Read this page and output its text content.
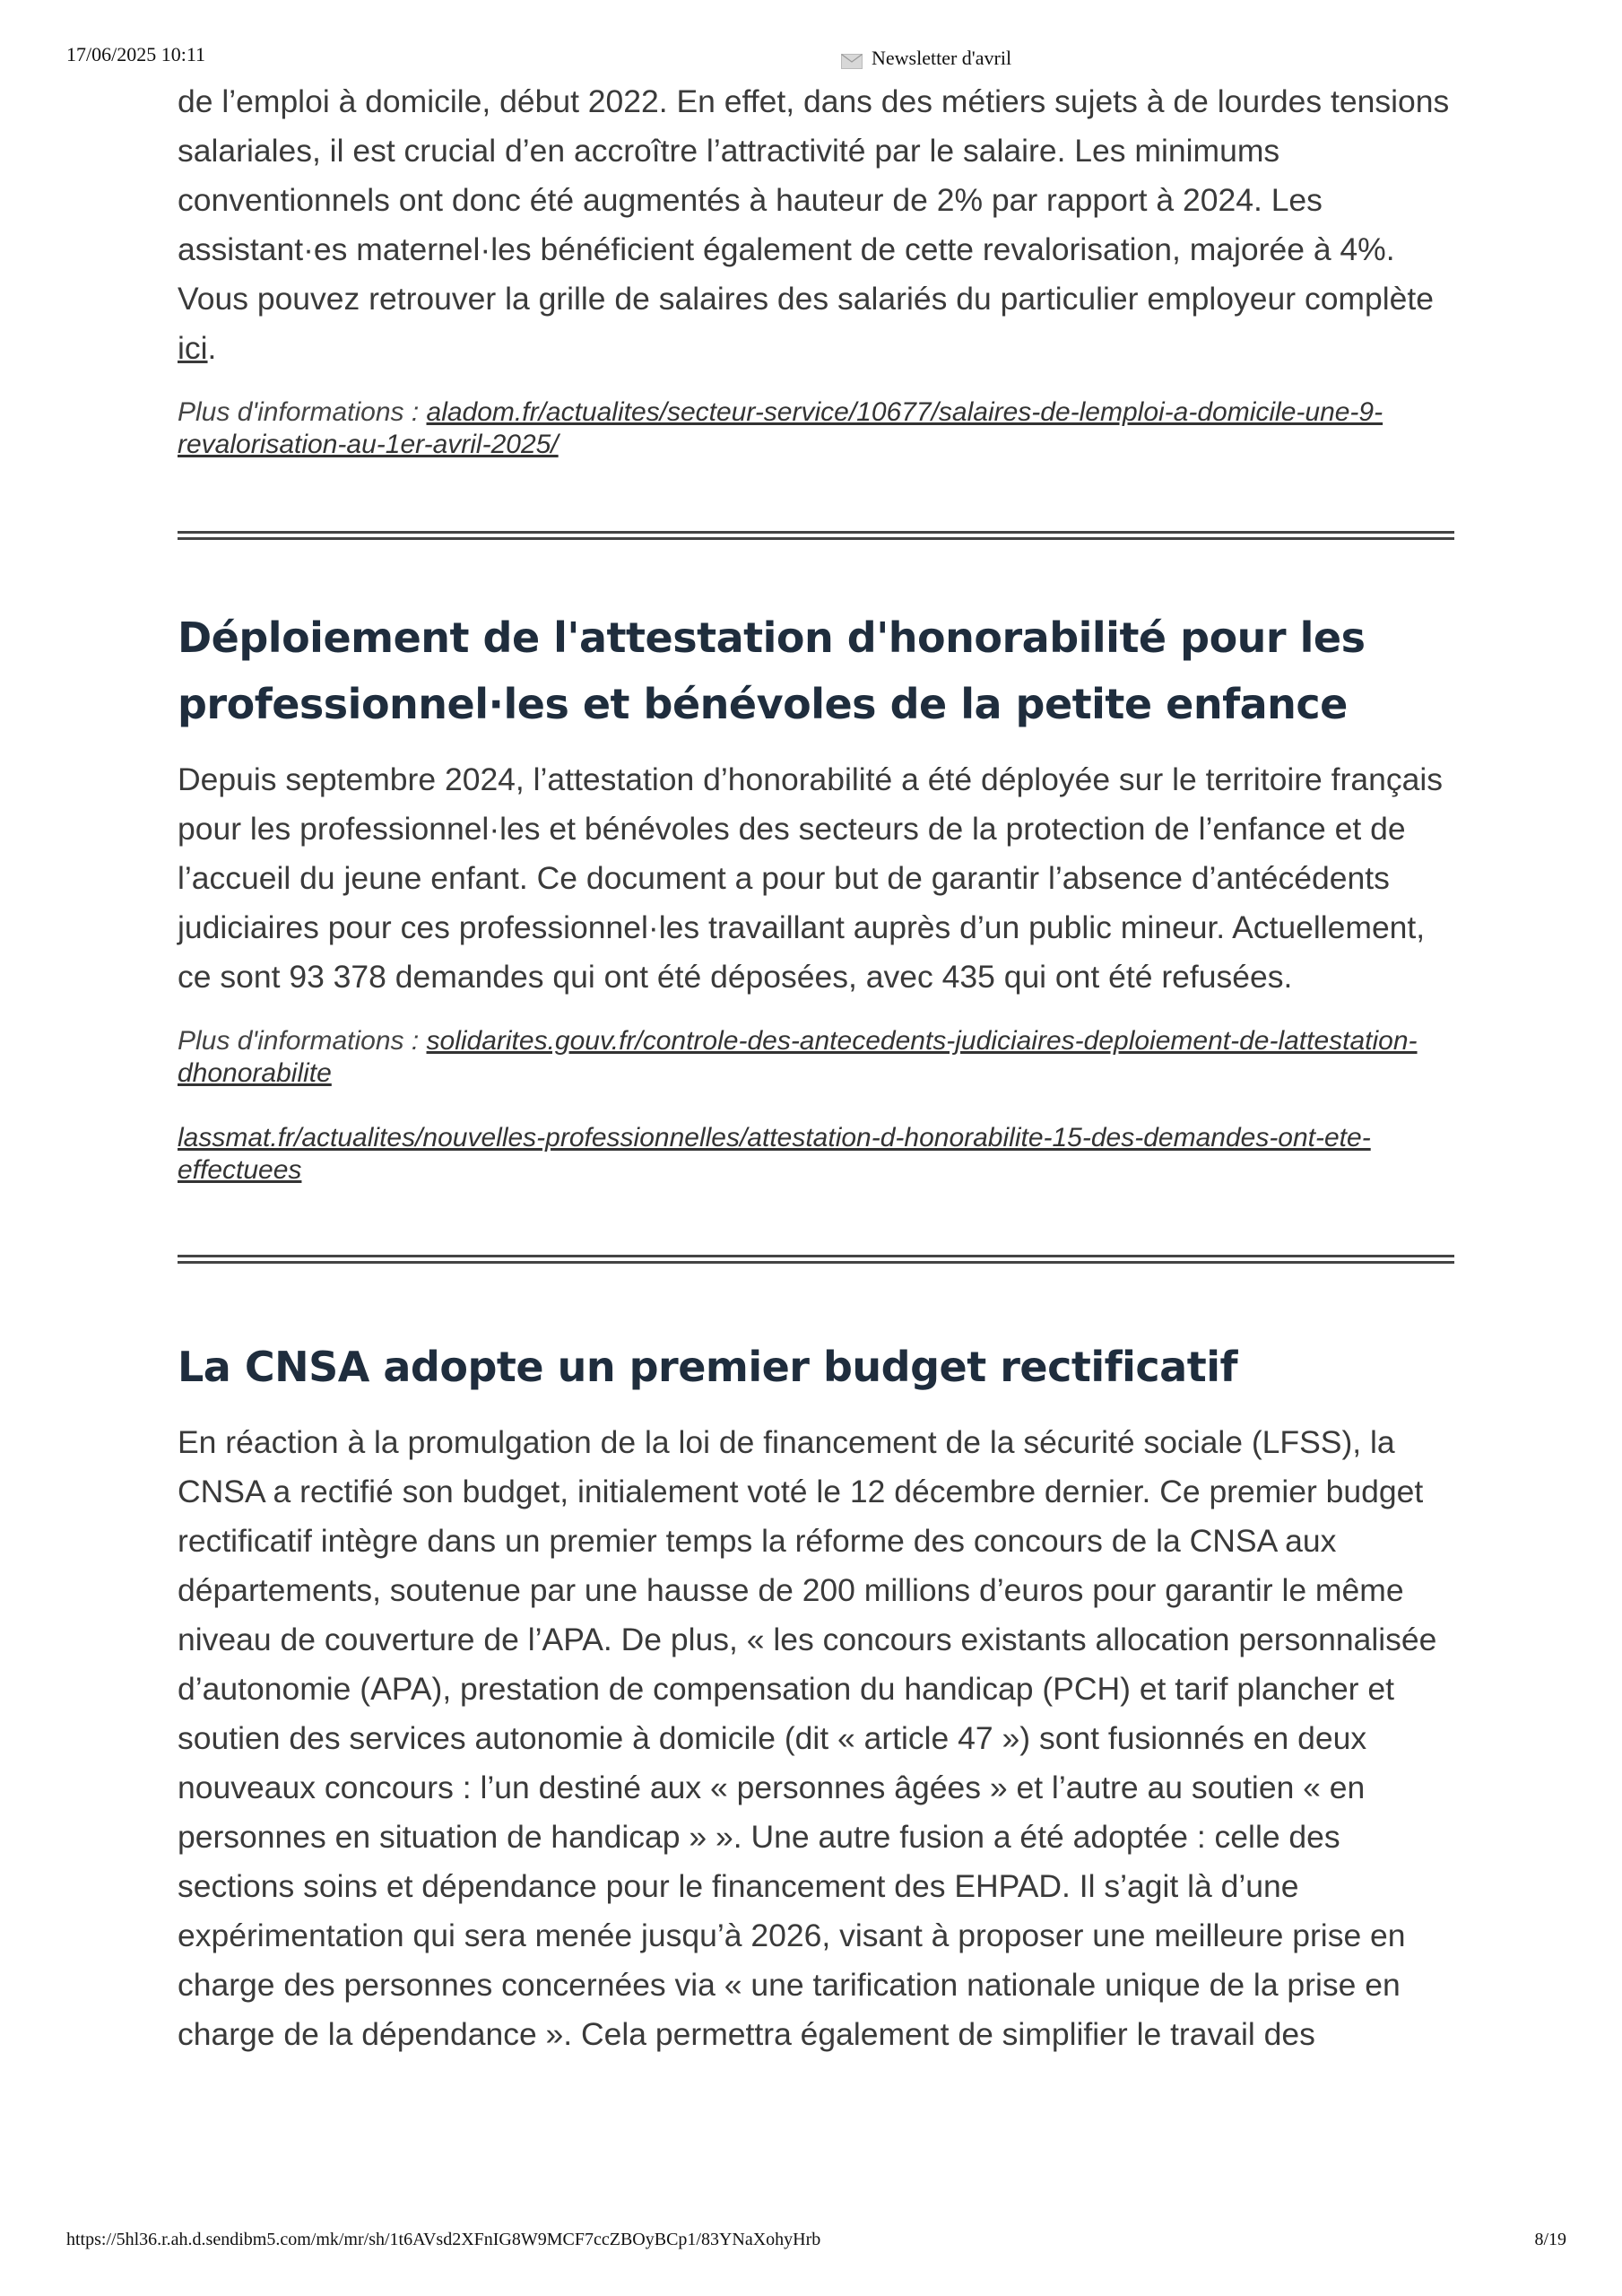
17/06/2025 10:11	Newsletter d'avril

de l’emploi à domicile, début 2022. En effet, dans des métiers sujets à de lourdes tensions salariales, il est crucial d’en accroître l’attractivité par le salaire. Les minimums conventionnels ont donc été augmentés à hauteur de 2% par rapport à 2024. Les assistant·es maternel·les bénéficient également de cette revalorisation, majorée à 4%. Vous pouvez retrouver la grille de salaires des salariés du particulier employeur complète ici.

Plus d'informations : aladom.fr/actualites/secteur-service/10677/salaires-de-lemploi-a-domicile-une-9-revalorisation-au-1er-avril-2025/

Déploiement de l'attestation d'honorabilité pour les professionnel·les et bénévoles de la petite enfance

Depuis septembre 2024, l’attestation d’honorabilité a été déployée sur le territoire français pour les professionnel·les et bénévoles des secteurs de la protection de l’enfance et de l’accueil du jeune enfant. Ce document a pour but de garantir l’absence d’antécédents judiciaires pour ces professionnel·les travaillant auprès d’un public mineur. Actuellement, ce sont 93 378 demandes qui ont été déposées, avec 435 qui ont été refusées.

Plus d'informations : solidarites.gouv.fr/controle-des-antecedents-judiciaires-deploiement-de-lattestation-dhonorabilite

lassmat.fr/actualites/nouvelles-professionnelles/attestation-d-honorabilite-15-des-demandes-ont-ete-effectuees

La CNSA adopte un premier budget rectificatif

En réaction à la promulgation de la loi de financement de la sécurité sociale (LFSS), la CNSA a rectifié son budget, initialement voté le 12 décembre dernier. Ce premier budget rectificatif intègre dans un premier temps la réforme des concours de la CNSA aux départements, soutenue par une hausse de 200 millions d’euros pour garantir le même niveau de couverture de l’APA. De plus, « les concours existants allocation personnalisée d’autonomie (APA), prestation de compensation du handicap (PCH) et tarif plancher et soutien des services autonomie à domicile (dit « article 47 ») sont fusionnés en deux nouveaux concours : l’un destiné aux « personnes âgées » et l’autre au soutien « en personnes en situation de handicap » ». Une autre fusion a été adoptée : celle des sections soins et dépendance pour le financement des EHPAD. Il s’agit là d’une expérimentation qui sera menée jusqu’à 2026, visant à proposer une meilleure prise en charge des personnes concernées via « une tarification nationale unique de la prise en charge de la dépendance ». Cela permettra également de simplifier le travail des

https://5hl36.r.ah.d.sendibm5.com/mk/mr/sh/1t6AVsd2XFnIG8W9MCF7ccZBOyBCp1/83YNaXohyHrb	8/19
